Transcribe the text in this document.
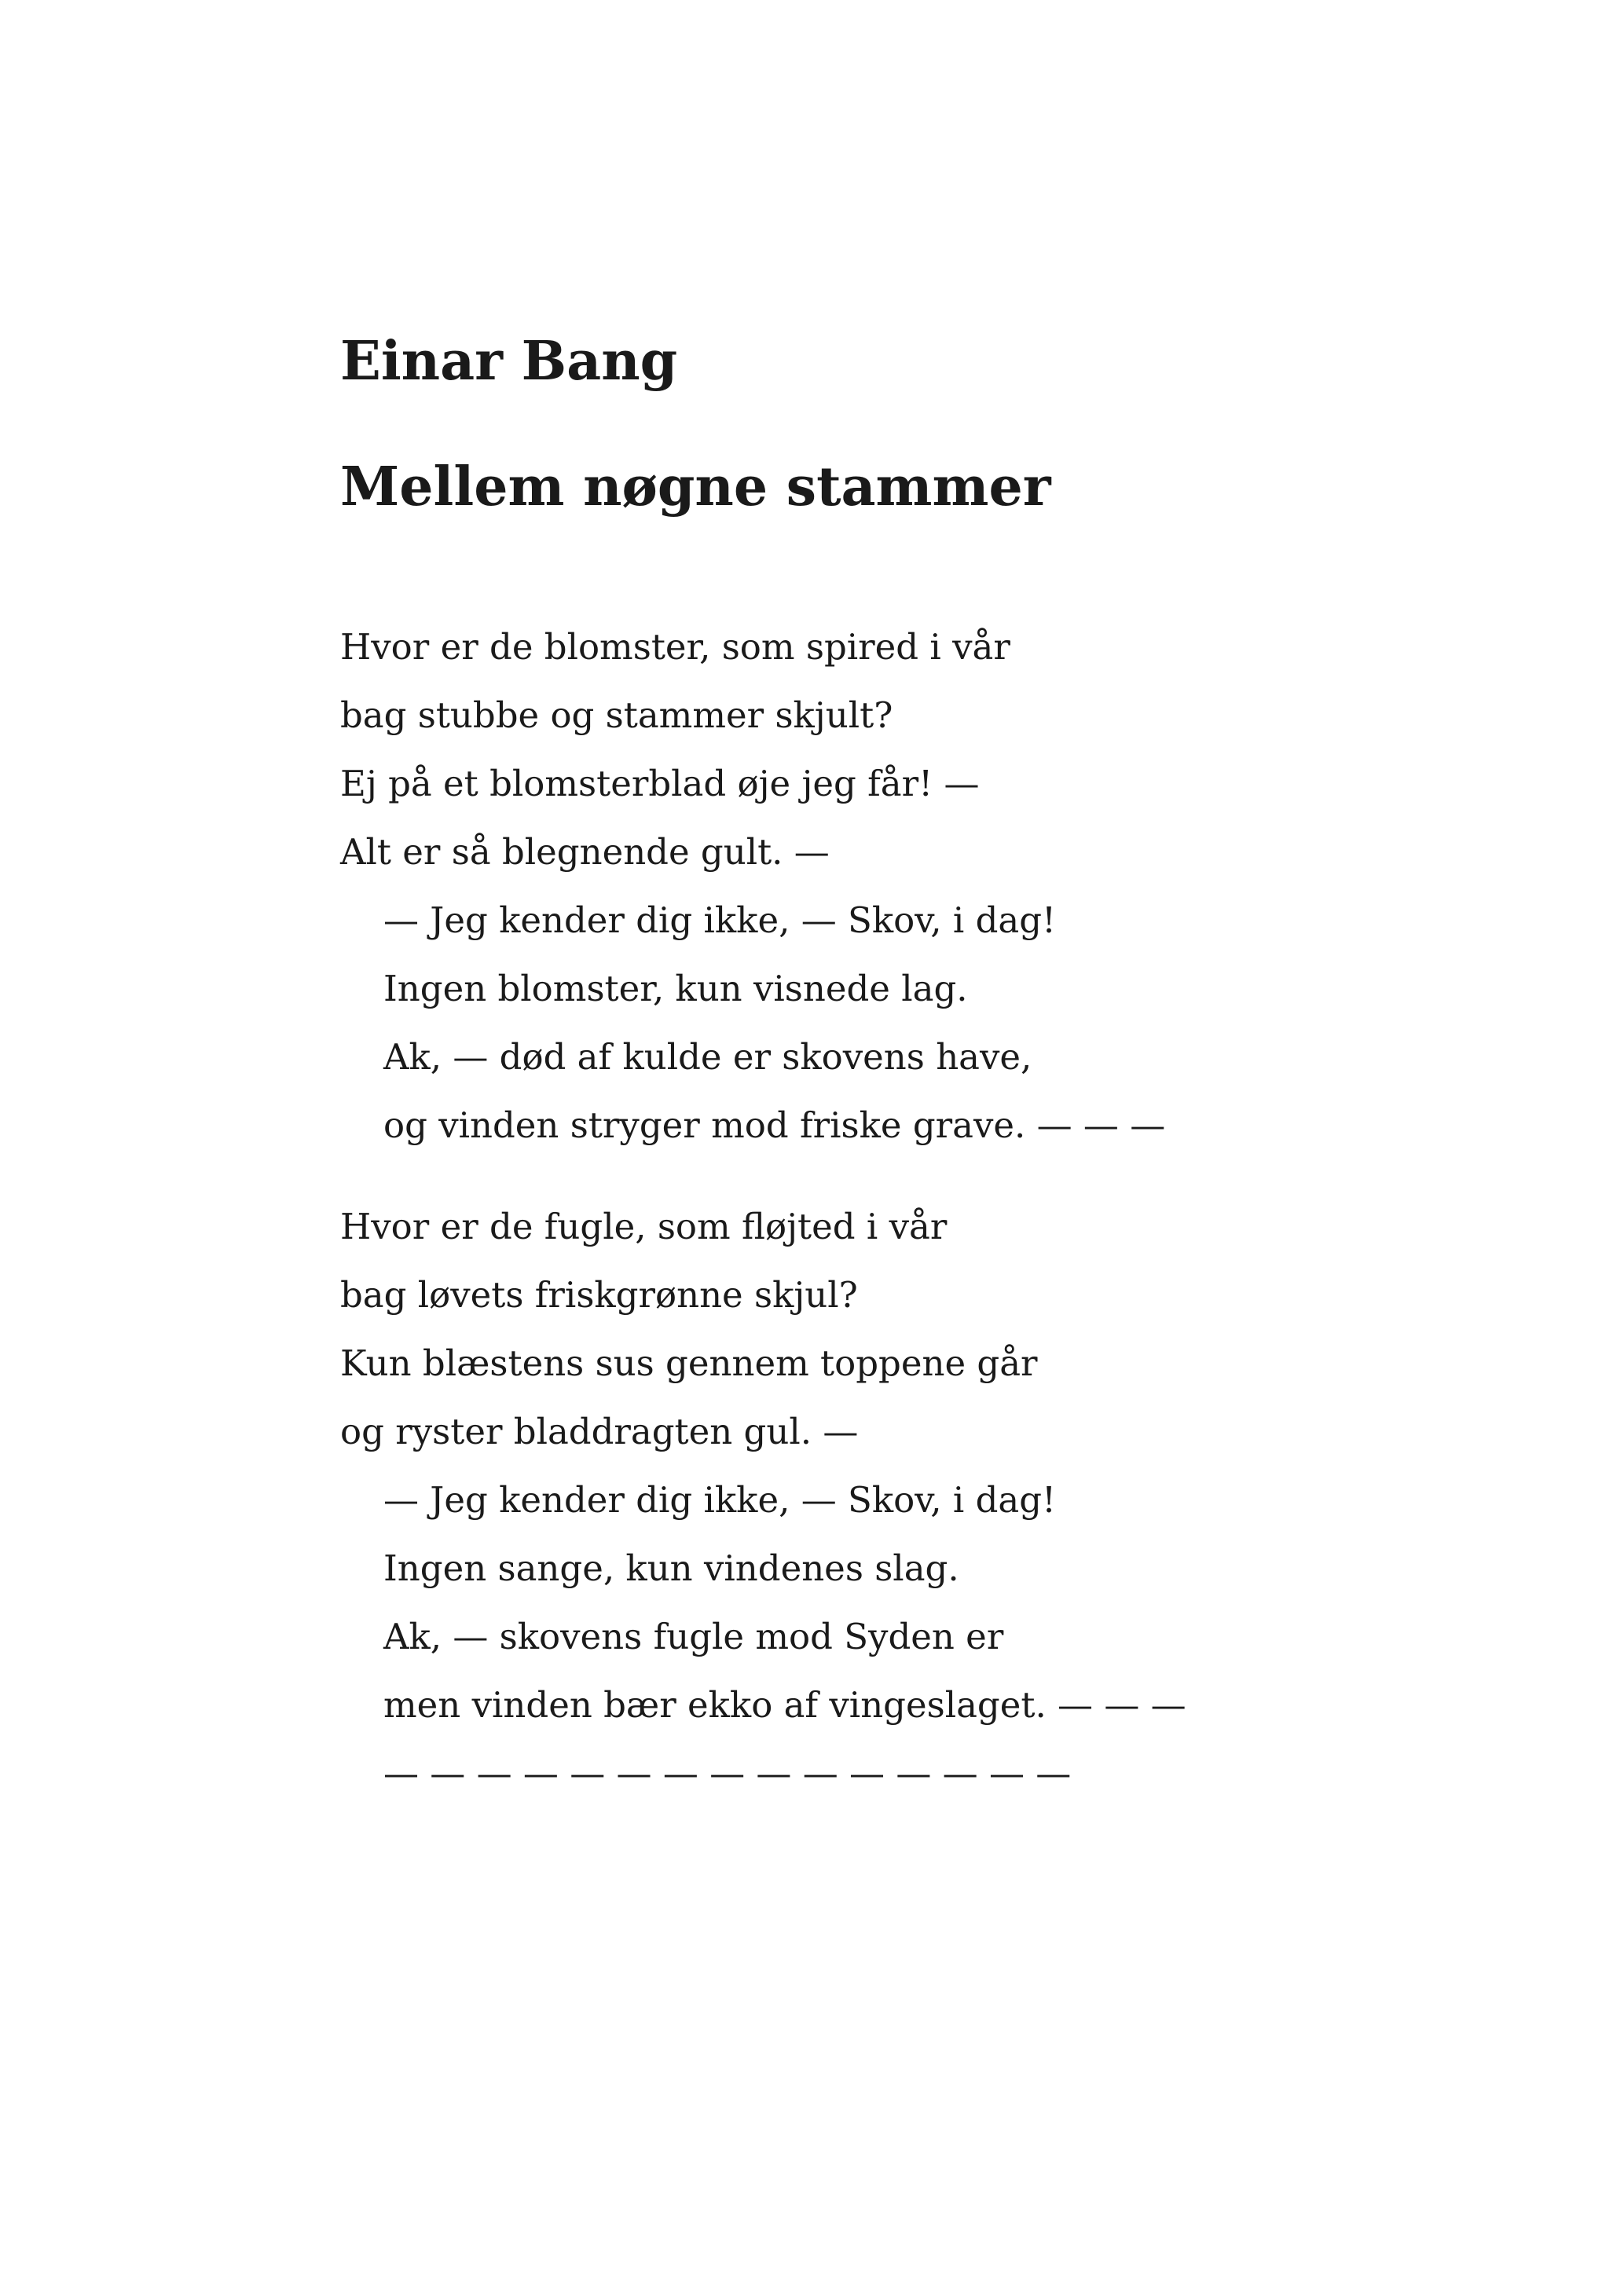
Einar Bang
Mellem nøgne stammer
Hvor er de blomster, som spired i vår
bag stubbe og stammer skjult?
Ej på et blomsterblad øje jeg får! —
Alt er så blegnende gult. —
— Jeg kender dig ikke, — Skov, i dag!
Ingen blomster, kun visnede lag.
Ak, — død af kulde er skovens have,
og vinden stryger mod friske grave. — — —
Hvor er de fugle, som fløjted i vår
bag løvets friskgrønne skjul?
Kun blæstens sus gennem toppene går
og ryster bladdragten gul. —
— Jeg kender dig ikke, — Skov, i dag!
Ingen sange, kun vindenes slag.
Ak, — skovens fugle mod Syden er
men vinden bær ekko af vingeslaget. — — —
— — — — — — — — — — — — — — —
